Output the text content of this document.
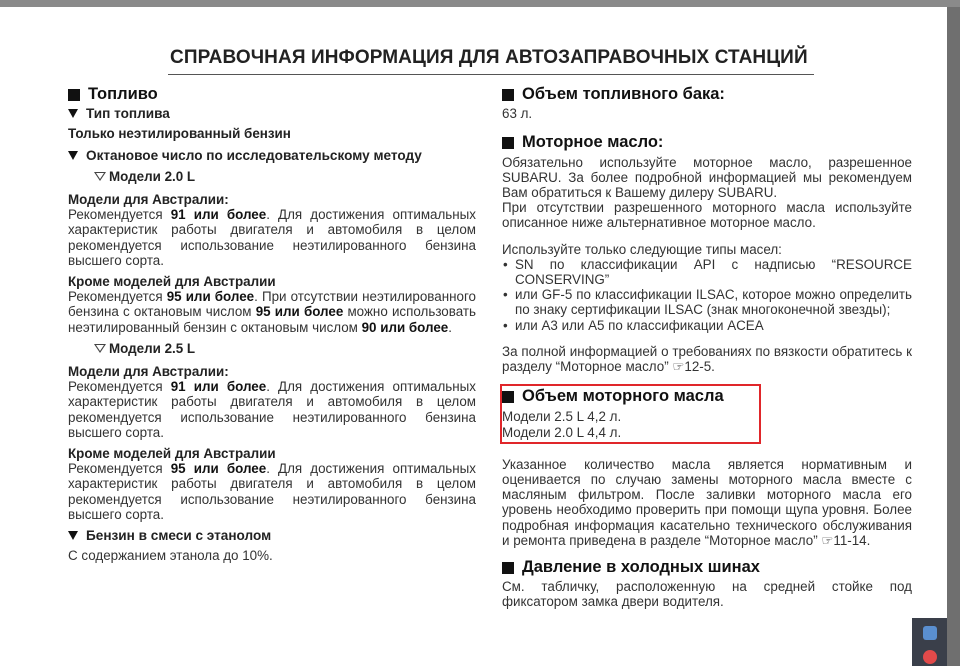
СПРАВОЧНАЯ ИНФОРМАЦИЯ ДЛЯ АВТОЗАПРАВОЧНЫХ СТАНЦИЙ
Топливо
Тип топлива
Только неэтилированный бензин
Октановое число по исследовательскому методу
Модели 2.0 L
Модели для Австралии:
Рекомендуется 91 или более. Для достижения оптимальных характеристик работы двигателя и автомобиля в целом рекомендуется использование неэтилированного бензина высшего сорта.
Кроме моделей для Австралии
Рекомендуется 95 или более. При отсутствии неэтилированного бензина с октановым числом 95 или более можно использовать неэтилированный бензин с октановым числом 90 или более.
Модели 2.5 L
Модели для Австралии:
Рекомендуется 91 или более. Для достижения оптимальных характеристик работы двигателя и автомобиля в целом рекомендуется использование неэтилированного бензина высшего сорта.
Кроме моделей для Австралии
Рекомендуется 95 или более. Для достижения оптимальных характеристик работы двигателя и автомобиля в целом рекомендуется использование неэтилированного бензина высшего сорта.
Бензин в смеси с этанолом
С содержанием этанола до 10%.
Объем топливного бака:
63 л.
Моторное масло:
Обязательно используйте моторное масло, разрешенное SUBARU. За более подробной информацией мы рекомендуем Вам обратиться к Вашему дилеру SUBARU.
При отсутствии разрешенного моторного масла используйте описанное ниже альтернативное моторное масло.
Используйте только следующие типы масел:
• SN по классификации API с надписью “RESOURCE CONSERVING”
• или GF-5 по классификации ILSAC, которое можно определить по знаку сертификации ILSAC (знак многоконечной звезды);
• или A3 или A5 по классификации ACEA
За полной информацией о требованиях по вязкости обратитесь к разделу “Моторное масло” ☞12-5.
Объем моторного масла
Модели 2.5 L 4,2 л.
Модели 2.0 L 4,4 л.
Указанное количество масла является нормативным и оценивается по случаю замены моторного масла вместе с масляным фильтром. После заливки моторного масла его уровень необходимо проверить при помощи щупа уровня. Более подробная информация касательно технического обслуживания и ремонта приведена в разделе “Моторное масло” ☞11-14.
Давление в холодных шинах
См. табличку, расположенную на средней стойке под фиксатором замка двери водителя.
